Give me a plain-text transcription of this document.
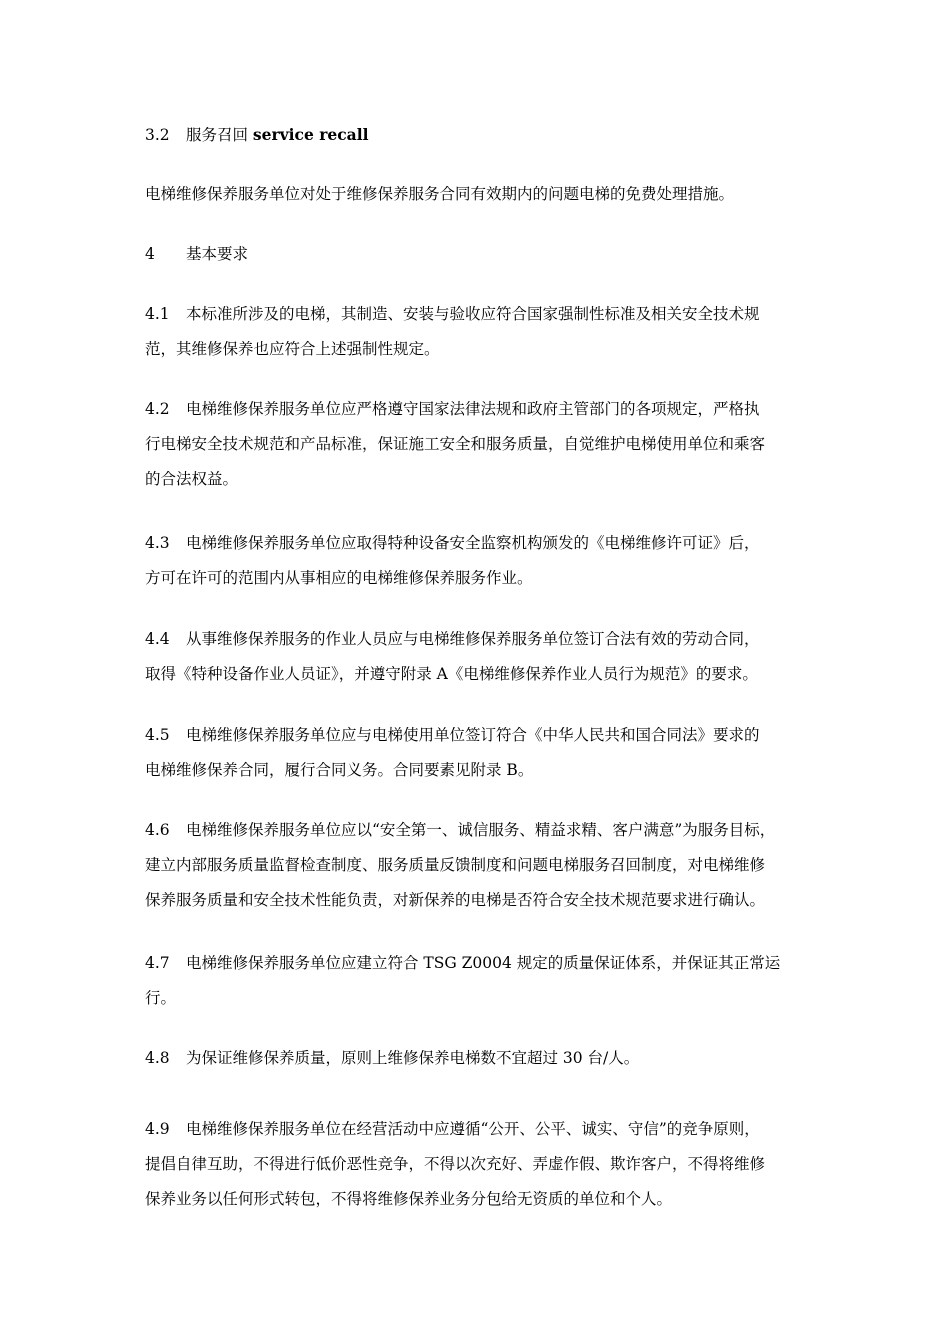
3.2 服务召回 service recall
电梯维修保养服务单位对处于维修保养服务合同有效期内的问题电梯的免费处理措施。
4 基本要求
4.1 本标准所涉及的电梯，其制造、安装与验收应符合国家强制性标准及相关安全技术规
范，其维修保养也应符合上述强制性规定。
4.2 电梯维修保养服务单位应严格遵守国家法律法规和政府主管部门的各项规定，严格执
行电梯安全技术规范和产品标准，保证施工安全和服务质量，自觉维护电梯使用单位和乘客
的合法权益。
4.3 电梯维修保养服务单位应取得特种设备安全监察机构颁发的《电梯维修许可证》后，
方可在许可的范围内从事相应的电梯维修保养服务作业。
4.4 从事维修保养服务的作业人员应与电梯维修保养服务单位签订合法有效的劳动合同，
取得《特种设备作业人员证》，并遵守附录 A《电梯维修保养作业人员行为规范》的要求。
4.5 电梯维修保养服务单位应与电梯使用单位签订符合《中华人民共和国合同法》要求的
电梯维修保养合同，履行合同义务。合同要素见附录 B。
4.6 电梯维修保养服务单位应以“安全第一、诚信服务、精益求精、客户满意”为服务目标，
建立内部服务质量监督检查制度、服务质量反馈制度和问题电梯服务召回制度，对电梯维修
保养服务质量和安全技术性能负责，对新保养的电梯是否符合安全技术规范要求进行确认。
4.7 电梯维修保养服务单位应建立符合 TSG Z0004 规定的质量保证体系，并保证其正常运
行。
4.8 为保证维修保养质量，原则上维修保养电梯数不宜超过 30 台/人。
4.9 电梯维修保养服务单位在经营活动中应遵循“公开、公平、诚实、守信”的竞争原则，
提倡自律互助，不得进行低价恶性竞争，不得以次充好、弄虚作假、欺诈客户，不得将维修
保养业务以任何形式转包，不得将维修保养业务分包给无资质的单位和个人。
